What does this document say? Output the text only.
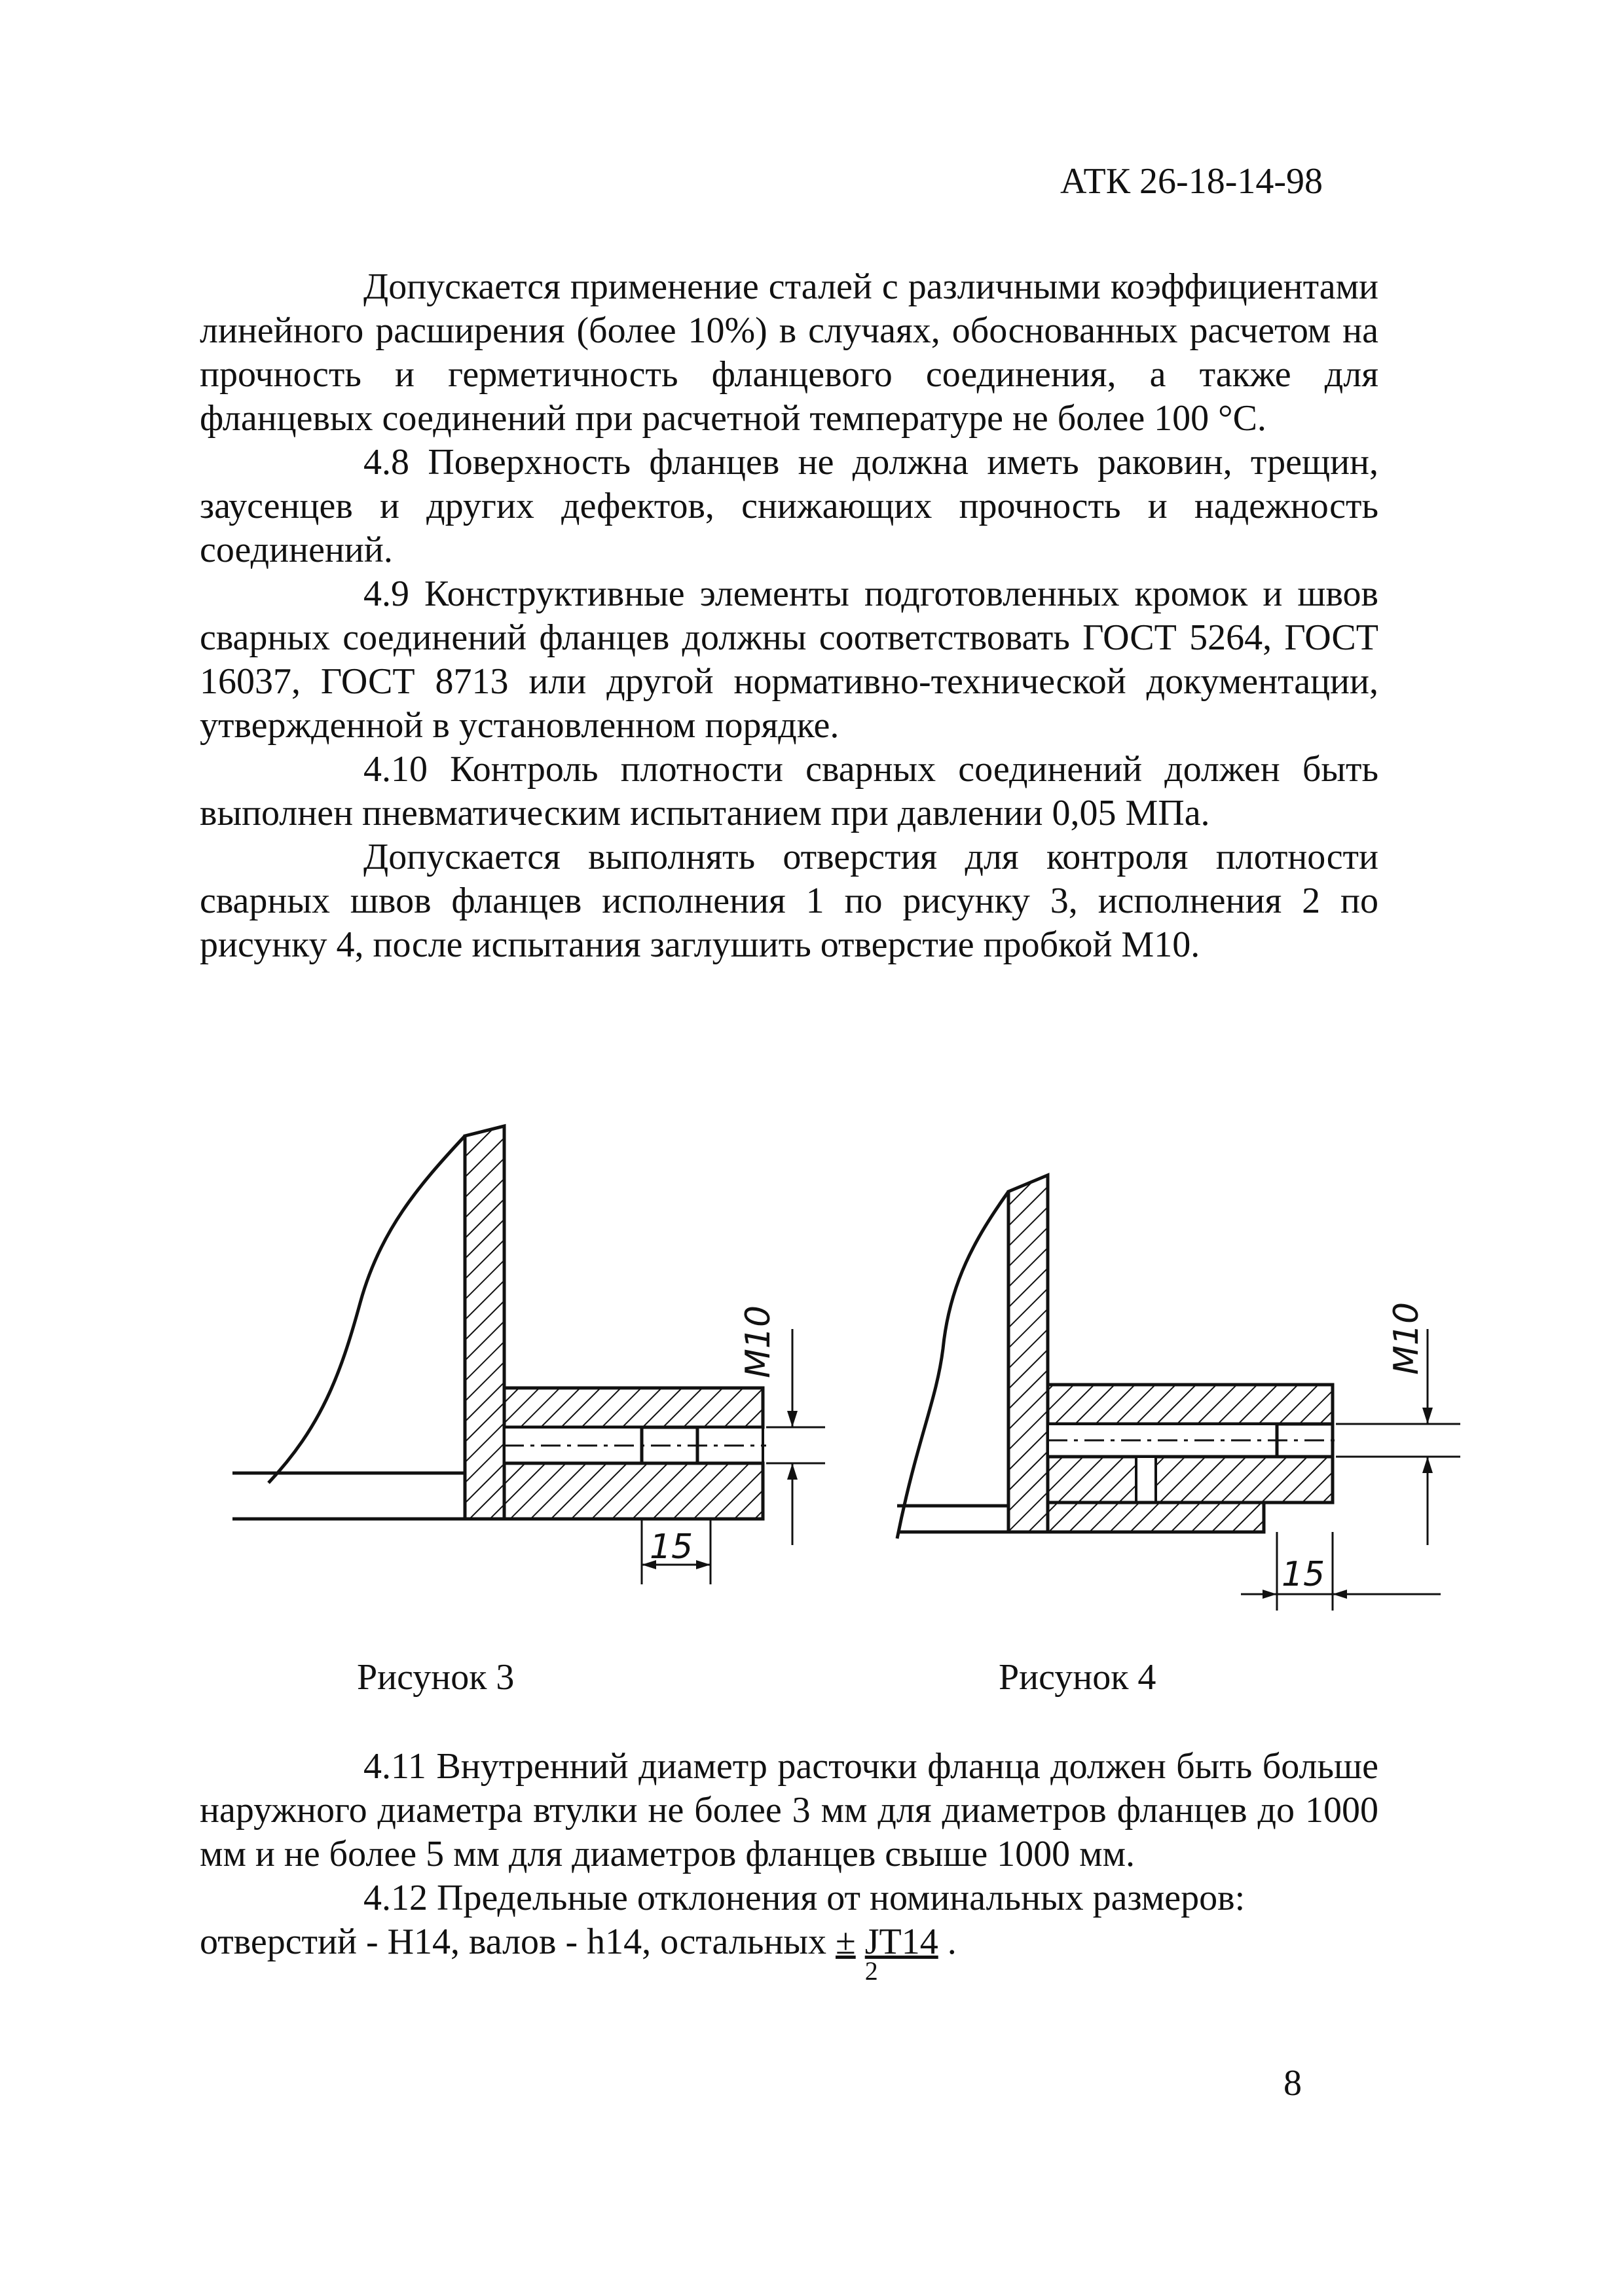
АТК 26-18-14-98

Допускается применение сталей с различными коэффициентами линейного расширения (более 10%) в случаях, обоснованных расчетом на прочность и герметичность фланцевого соединения, а также для фланцевых соединений при расчетной температуре не более 100 °С.

4.8 Поверхность фланцев не должна иметь раковин, трещин, заусенцев и других дефектов, снижающих прочность и надежность соединений.

4.9 Конструктивные элементы подготовленных кромок и швов сварных соединений фланцев должны соответствовать ГОСТ 5264, ГОСТ 16037, ГОСТ 8713 или другой нормативно-технической документации, утвержденной в установленном порядке.

4.10 Контроль плотности сварных соединений должен быть выполнен пневматическим испытанием при давлении 0,05 МПа.

Допускается выполнять отверстия для контроля плотности сварных швов фланцев исполнения 1 по рисунку 3, исполнения 2 по рисунку 4, после испытания заглушить отверстие пробкой М10.

M10
15
M10
15
Рисунок 3	Рисунок 4

4.11 Внутренний диаметр расточки фланца должен быть больше наружного диаметра втулки не более 3 мм для диаметров фланцев до 1000 мм и не более 5 мм для диаметров фланцев свыше 1000 мм.

4.12 Предельные отклонения от номинальных размеров:

отверстий - H14, валов - h14, остальных ± $\frac{JT14}{2}$ .

8
